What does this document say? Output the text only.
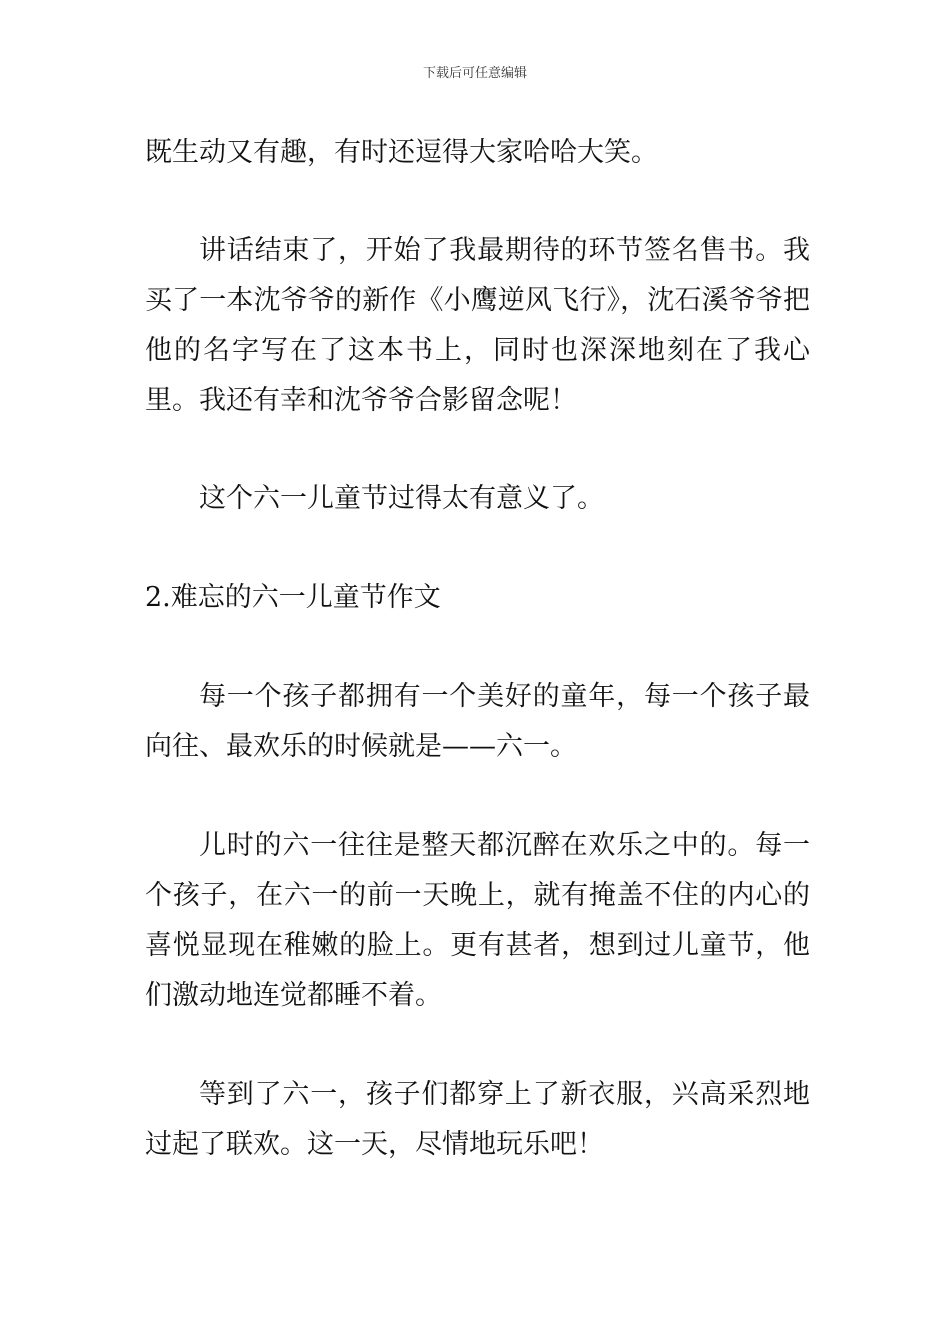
下载后可任意编辑

既生动又有趣，有时还逗得大家哈哈大笑。

讲话结束了，开始了我最期待的环节签名售书。我买了一本沈爷爷的新作《小鹰逆风飞行》，沈石溪爷爷把他的名字写在了这本书上，同时也深深地刻在了我心里。我还有幸和沈爷爷合影留念呢！

这个六一儿童节过得太有意义了。

2.难忘的六一儿童节作文

每一个孩子都拥有一个美好的童年，每一个孩子最向往、最欢乐的时候就是——六一。

儿时的六一往往是整天都沉醉在欢乐之中的。每一个孩子，在六一的前一天晚上，就有掩盖不住的内心的喜悦显现在稚嫩的脸上。更有甚者，想到过儿童节，他们激动地连觉都睡不着。

等到了六一，孩子们都穿上了新衣服，兴高采烈地过起了联欢。这一天，尽情地玩乐吧！
